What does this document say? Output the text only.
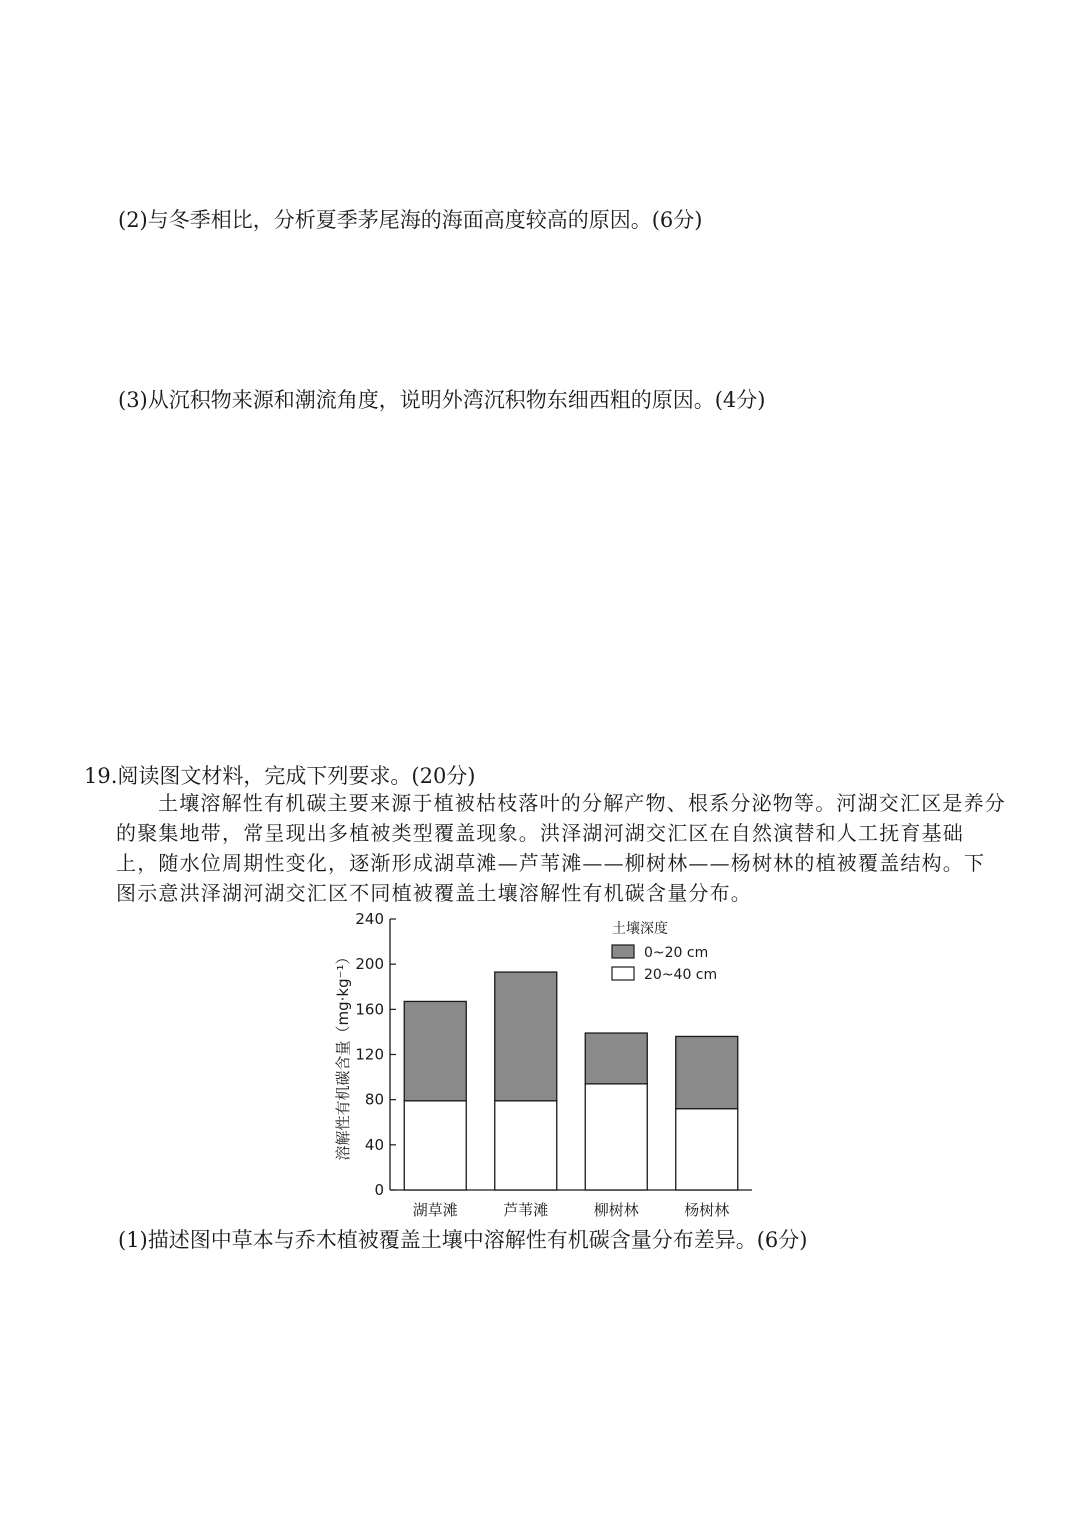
(2)与冬季相比，分析夏季茅尾海的海面高度较高的原因。(6分)
(3)从沉积物来源和潮流角度，说明外湾沉积物东细西粗的原因。(4分)
19.阅读图文材料，完成下列要求。(20分)

土壤溶解性有机碳主要来源于植被枯枝落叶的分解产物、根系分泌物等。河湖交汇区是养分的聚集地带，常呈现出多植被类型覆盖现象。洪泽湖河湖交汇区在自然演替和人工抚育基础上，随水位周期性变化，逐渐形成湖草滩—芦苇滩——柳树林——杨树林的植被覆盖结构。下图示意洪泽湖河湖交汇区不同植被覆盖土壤溶解性有机碳含量分布。

溶解性有机碳含量（mg·kg⁻¹）
0
40
80
120
160
200
240
湖草滩	芦苇滩	柳树林	杨树林
土壤深度
0~20 cm
20~40 cm
(1)描述图中草本与乔木植被覆盖土壤中溶解性有机碳含量分布差异。(6分)
